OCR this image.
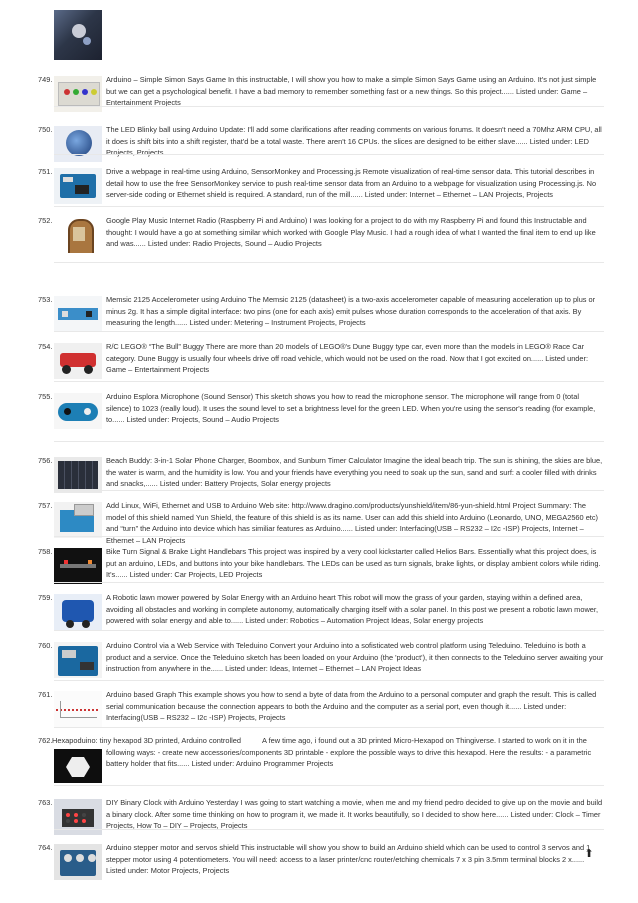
749.	Arduino – Simple Simon Says Game In this instructable, I will show you how to make a simple Simon Says Game using an Arduino. It's not just simple but we can get a psychological benefit. I have a bad memory to remember something fast or a new things. So this project...... Listed under: Game – Entertainment Projects
750.	The LED Blinky ball using Arduino Update: I'll add some clarifications after reading comments on various forums. It doesn't need a 70Mhz ARM CPU, all it does is shift bits into a shift register, that'd be a total waste. There aren't 16 CPUs. the slices are designed to be either slave...... Listed under: LED Projects, Projects
751.	Drive a webpage in real-time using Arduino, SensorMonkey and Processing.js Remote visualization of real-time sensor data. This tutorial describes in detail how to use the free SensorMonkey service to push real-time sensor data from an Arduino to a webpage for visualization using Processing.js. No server-side coding or Ethernet shield is required. A standard, run of the mill...... Listed under: Internet – Ethernet – LAN Projects, Projects
752.	Google Play Music Internet Radio (Raspberry Pi and Arduino) I was looking for a project to do with my Raspberry Pi and found this Instructable and thought: I would have a go at something similar which worked with Google Play Music. I had a rough idea of what I wanted the final item to end up like and was...... Listed under: Radio Projects, Sound – Audio Projects
753.	Memsic 2125 Accelerometer using Arduino The Memsic 2125 (datasheet) is a two-axis accelerometer capable of measuring acceleration up to plus or minus 2g. It has a simple digital interface: two pins (one for each axis) emit pulses whose duration corresponds to the acceleration of that axis. By measuring the length...... Listed under: Metering – Instrument Projects, Projects
754.	R/C LEGO® “The Bull” Buggy There are more than 20 models of LEGO®'s Dune Buggy type car, even more than the models in LEGO® Race Car category. Dune Buggy is usually four wheels drive off road vehicle, which would not be used on the road. Now that I got excited on...... Listed under: Game – Entertainment Projects
755.	Arduino Esplora Microphone (Sound Sensor) This sketch shows you how to read the microphone sensor. The microphone will range from 0 (total silence) to 1023 (really loud). It uses the sound level to set a brightness level for the green LED. When you're using the sensor's reading (for example, to...... Listed under: Projects, Sound – Audio Projects
756.	Beach Buddy: 3-in-1 Solar Phone Charger, Boombox, and Sunburn Timer Calculator Imagine the ideal beach trip. The sun is shining, the skies are blue, the water is warm, and the humidity is low. You and your friends have everything you need to soak up the sun, sand and surf: a cooler filled with drinks and snacks,...... Listed under: Battery Projects, Solar energy projects
757.	Add Linux, WiFi, Ethernet and USB to Arduino Web site: http://www.dragino.com/products/yunshield/item/86-yun-shield.html Project Summary: The model of this shield named Yun Shield, the feature of this shield is as its name. User can add this shield into Arduino (Leonardo, UNO, MEGA2560 etc) and “turn” the Arduino into device which has similiar features as Arduino...... Listed under: Interfacing(USB – RS232 – I2c -ISP) Projects, Internet – Ethernet – LAN Projects
758.	Bike Turn Signal & Brake Light Handlebars This project was inspired by a very cool kickstarter called Helios Bars. Essentially what this project does, is put an arduino, LEDs, and buttons into your bike handlebars. The LEDs can be used as turn signals, brake lights, or display ambient colors while riding. It's...... Listed under: Car Projects, LED Projects
759.	A Robotic lawn mower powered by Solar Energy with an Arduino heart This robot will mow the grass of your garden, staying within a defined area, avoiding all obstacles and working in complete autonomy, automatically charging itself with a solar panel. In this post we present a robotic lawn mower, powered with solar energy and able to...... Listed under: Robotics – Automation Project Ideas, Solar energy projects
760.	Arduino Control via a Web Service with Teleduino Convert your Arduino into a sofisticated web control platform using Teleduino. Teleduino is both a product and a service. Once the Teleduino sketch has been loaded on your Arduino (the 'product'), it then connects to the Teleduino server awaiting your instruction from anywhere in the...... Listed under: Ideas, Internet – Ethernet – LAN Project Ideas
761.	Arduino based Graph This example shows you how to send a byte of data from the Arduino to a personal computer and graph the result. This is called serial communication because the connection appears to both the Arduino and the computer as a serial port, even though it...... Listed under: Interfacing(USB – RS232 – I2c -ISP) Projects, Projects
762. Hexapoduino: tiny hexapod 3D printed, Arduino controlled	A few time ago, i found out a 3D printed Micro-Hexapod on Thingiverse. I started to work on it in the following ways: - create new accessories/components 3D printable - explore the possible ways to drive this hexapod. Here the results: - a parametric battery holder that fits...... Listed under: Arduino Programmer Projects
763.	DIY Binary Clock with Arduino Yesterday I was going to start watching a movie, when me and my friend pedro decided to give up on the movie and build a binary clock. After some time thinking on how to program it, we made it. It works beautifully, so I decided to show here...... Listed under: Clock – Timer Projects, How To – DIY – Projects, Projects
764.	Arduino stepper motor and servos shield This instructable will show you show to build an Arduino shield which can be used to control 3 servos and 1 stepper motor using 4 potentiometers. You will need: access to a laser printer/cnc router/etching chemicals 7 x 3 pin 3.5mm terminal blocks 2 x...... Listed under: Motor Projects, Projects
⬆
